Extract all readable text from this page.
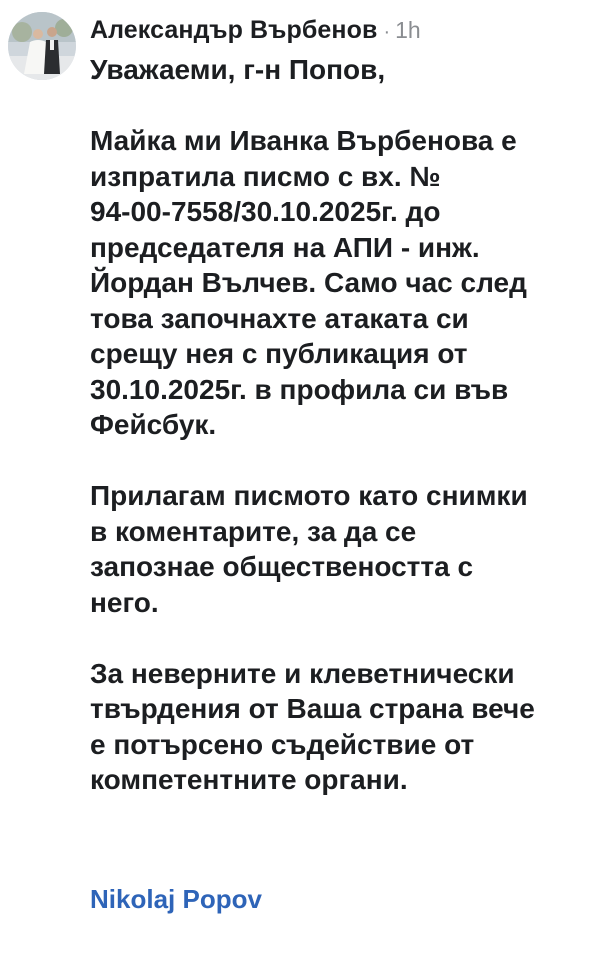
Александър Върбенов · 1h

Уважаеми, г-н Попов,

Майка ми Иванка Върбенова е
изпратила писмо с вх. №
94-00-7558/30.10.2025г. до
председателя на АПИ - инж.
Йордан Вълчев. Само час след
това започнахте атаката си
срещу нея с публикация от
30.10.2025г. в профила си във
Фейсбук.

Прилагам писмото като снимки
в коментарите, за да се
запознае обществеността с
него.

За неверните и клеветнически
твърдения от Ваша страна вече
е потърсено съдействие от
компетентните органи.

Nikolaj Popov
